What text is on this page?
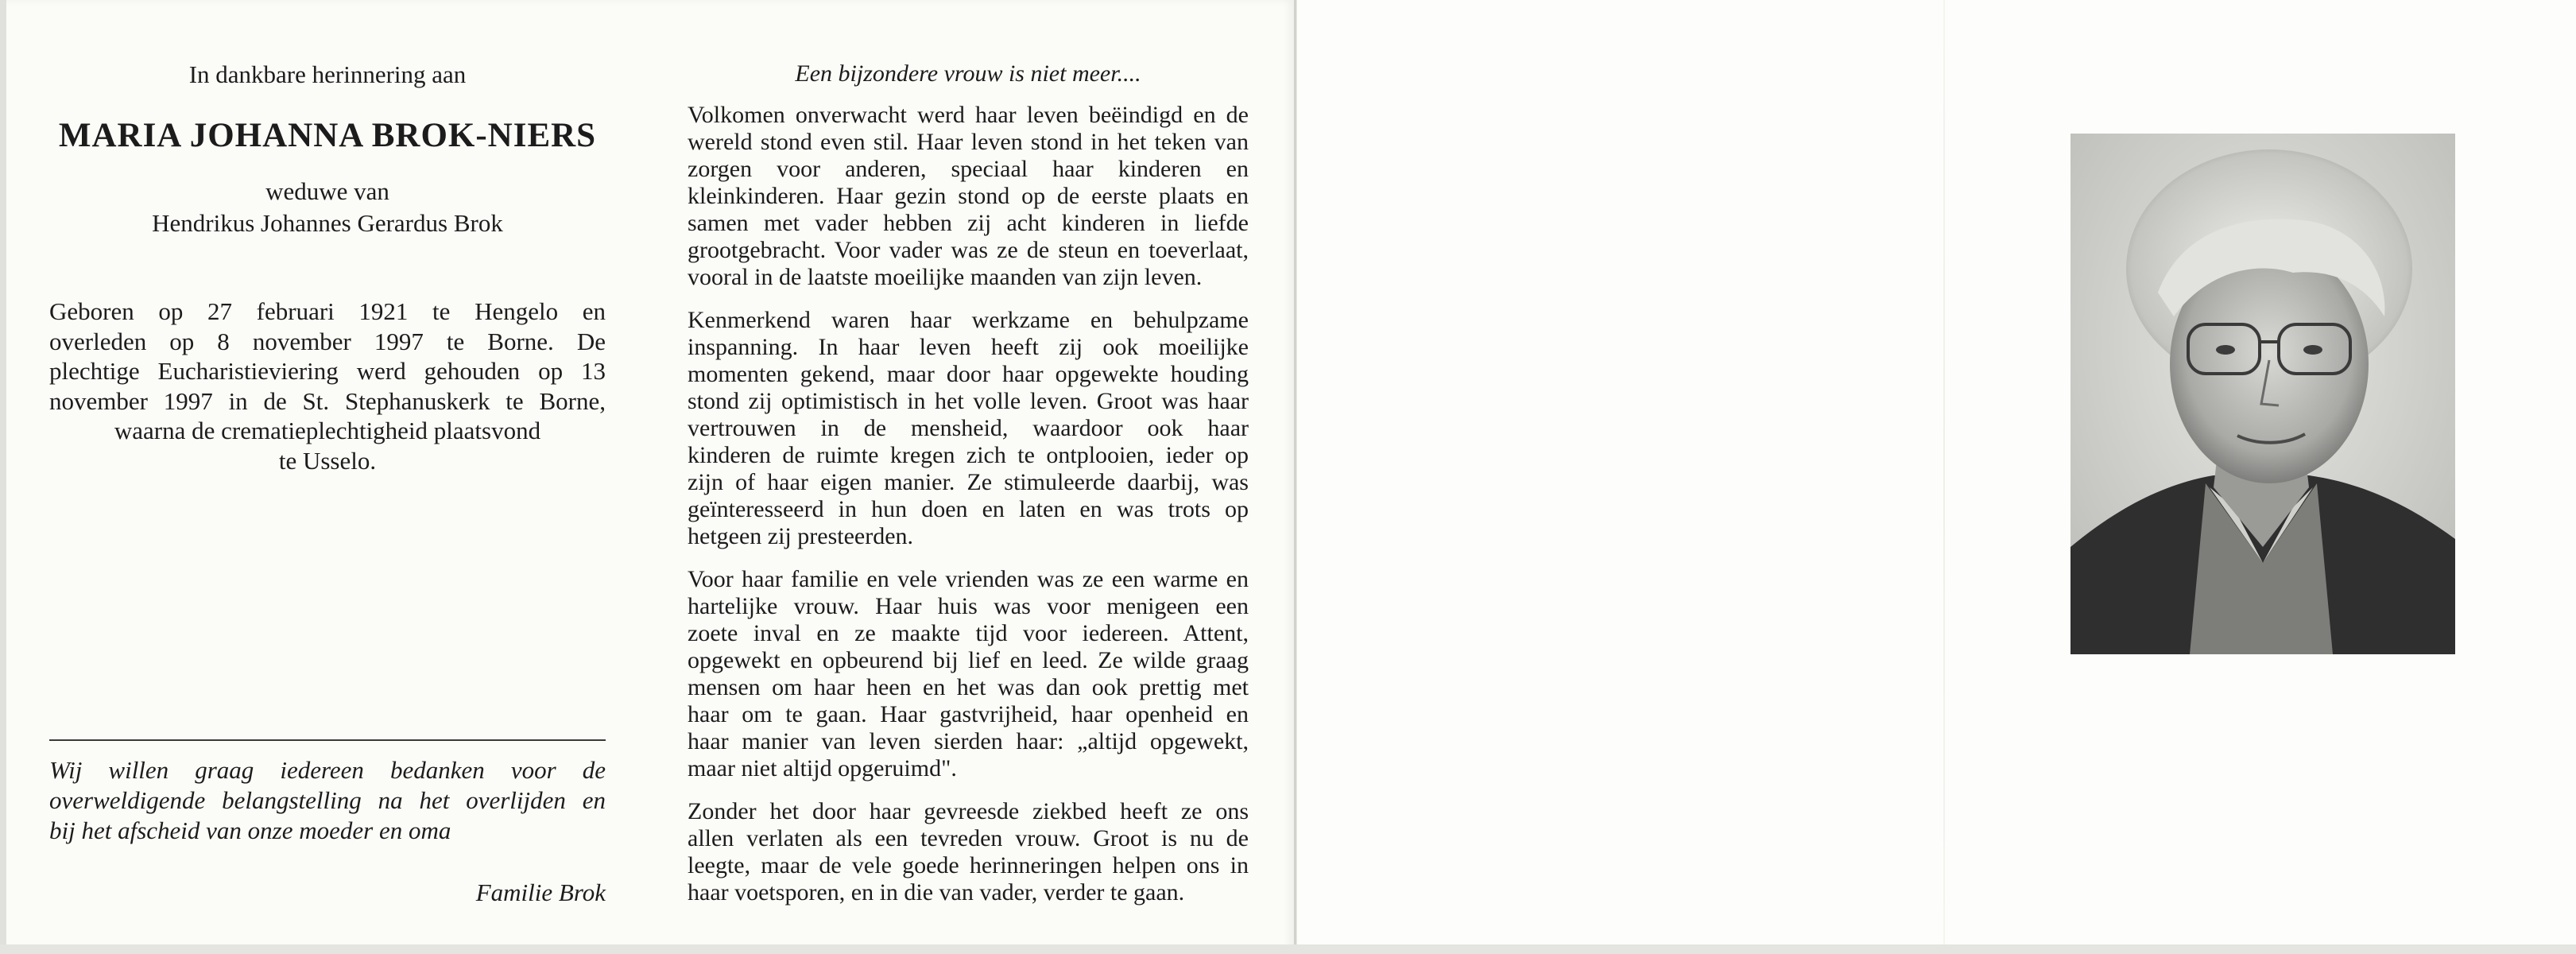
In dankbare herinnering aan
MARIA JOHANNA BROK-NIERS
weduwe van
Hendrikus Johannes Gerardus Brok
Geboren op 27 februari 1921 te Hengelo en
overleden op 8 november 1997 te Borne. De
plechtige Eucharistieviering werd gehouden op 13
november 1997 in de St. Stephanuskerk te Borne,
waarna de crematieplechtigheid plaatsvond
te Usselo.
Wij willen graag iedereen bedanken voor de
overweldigende belangstelling na het overlijden en
bij het afscheid van onze moeder en oma
Familie Brok
Een bijzondere vrouw is niet meer....
Volkomen onverwacht werd haar leven beëindigd en de
wereld stond even stil. Haar leven stond in het teken van
zorgen voor anderen, speciaal haar kinderen en
kleinkinderen. Haar gezin stond op de eerste plaats en
samen met vader hebben zij acht kinderen in liefde
grootgebracht. Voor vader was ze de steun en toeverlaat,
vooral in de laatste moeilijke maanden van zijn leven.
Kenmerkend waren haar werkzame en behulpzame
inspanning. In haar leven heeft zij ook moeilijke
momenten gekend, maar door haar opgewekte houding
stond zij optimistisch in het volle leven. Groot was haar
vertrouwen in de mensheid, waardoor ook haar
kinderen de ruimte kregen zich te ontplooien, ieder op
zijn of haar eigen manier. Ze stimuleerde daarbij, was
geïnteresseerd in hun doen en laten en was trots op
hetgeen zij presteerden.
Voor haar familie en vele vrienden was ze een warme en
hartelijke vrouw. Haar huis was voor menigeen een
zoete inval en ze maakte tijd voor iedereen. Attent,
opgewekt en opbeurend bij lief en leed. Ze wilde graag
mensen om haar heen en het was dan ook prettig met
haar om te gaan. Haar gastvrijheid, haar openheid en
haar manier van leven sierden haar: „altijd opgewekt,
maar niet altijd opgeruimd".
Zonder het door haar gevreesde ziekbed heeft ze ons
allen verlaten als een tevreden vrouw. Groot is nu de
leegte, maar de vele goede herinneringen helpen ons in
haar voetsporen, en in die van vader, verder te gaan.
